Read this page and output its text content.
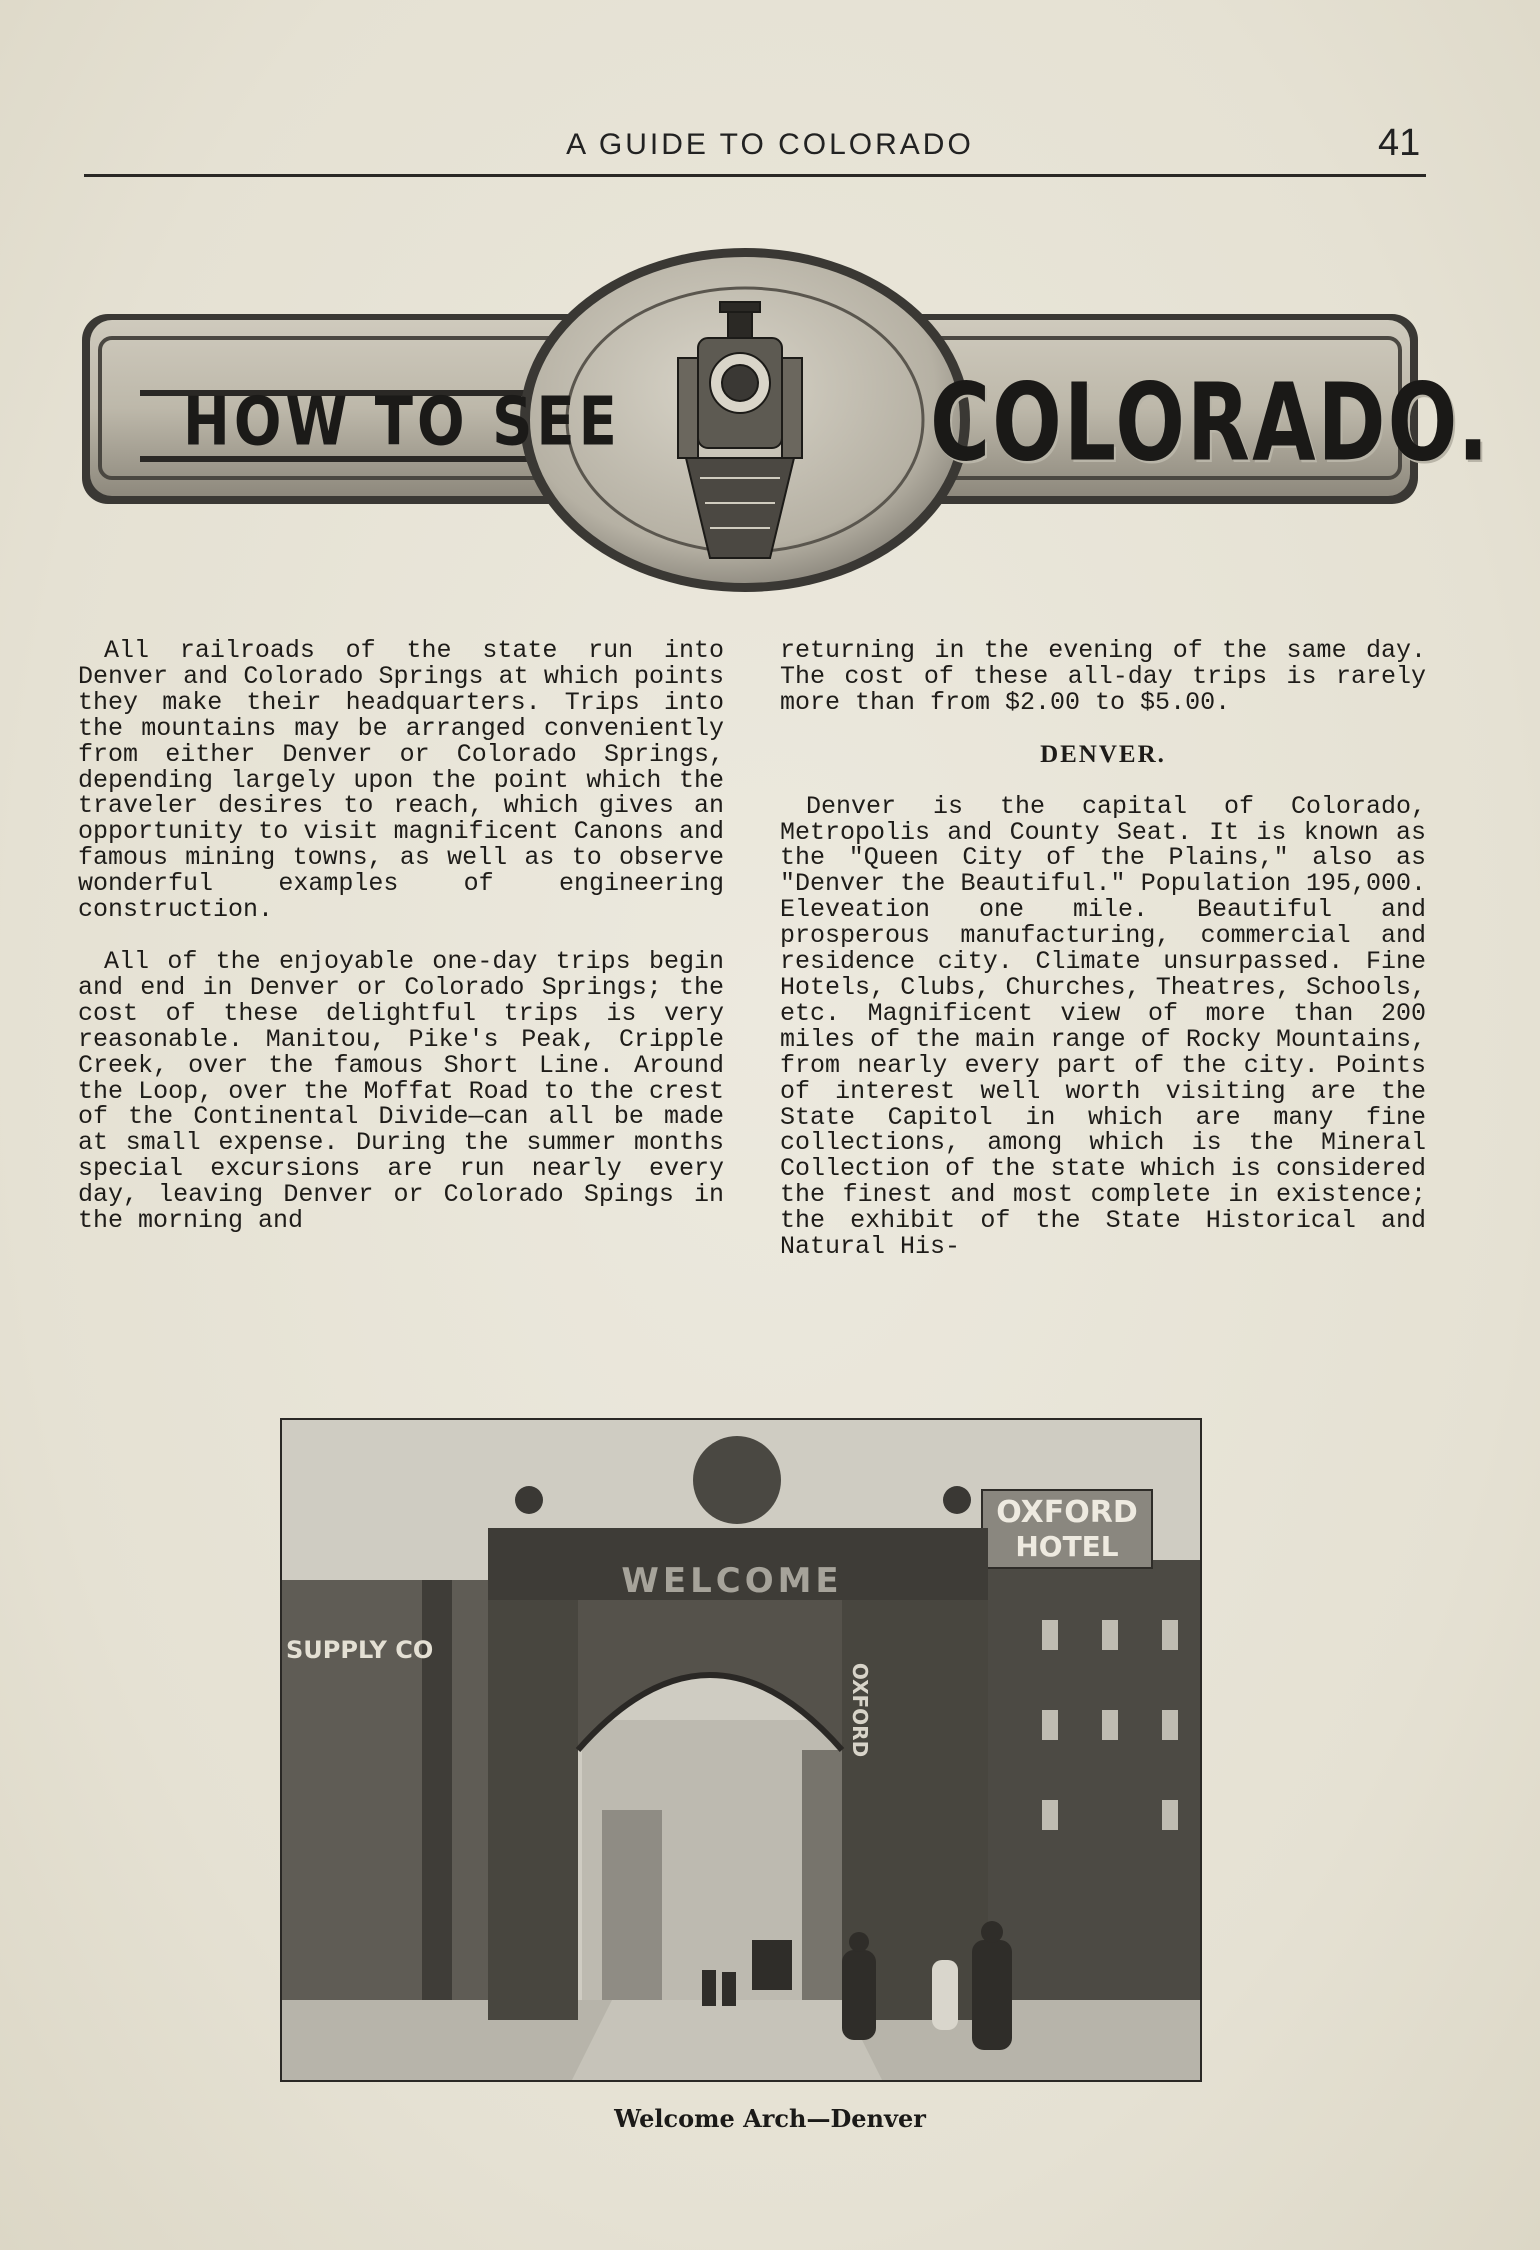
A GUIDE TO COLORADO	41
HOW TO SEE	COLORADO.

All railroads of the state run into Denver and Colorado Springs at which points they make their headquarters. Trips into the mountains may be arranged conveniently from either Denver or Colorado Springs, depending largely upon the point which the traveler desires to reach, which gives an opportunity to visit magnificent Canons and famous mining towns, as well as to observe wonderful examples of engineering construction.

All of the enjoyable one-day trips begin and end in Denver or Colorado Springs; the cost of these delightful trips is very reasonable. Manitou, Pike's Peak, Cripple Creek, over the famous Short Line. Around the Loop, over the Moffat Road to the crest of the Continental Divide—can all be made at small expense. During the summer months special excursions are run nearly every day, leaving Denver or Colorado Spings in the morning and

returning in the evening of the same day. The cost of these all-day trips is rarely more than from $2.00 to $5.00.

DENVER.

Denver is the capital of Colorado, Metropolis and County Seat. It is known as the "Queen City of the Plains," also as "Denver the Beautiful." Population 195,000. Eleveation one mile. Beautiful and prosperous manufacturing, commercial and residence city. Climate unsurpassed. Fine Hotels, Clubs, Churches, Theatres, Schools, etc. Magnificent view of more than 200 miles of the main range of Rocky Mountains, from nearly every part of the city. Points of interest well worth visiting are the State Capitol in which are many fine collections, among which is the Mineral Collection of the state which is considered the finest and most complete in existence; the exhibit of the State Historical and Natural His-

OXFORD
HOTEL
WELCOME
OXFORD
SUPPLY CO
Welcome Arch—Denver
